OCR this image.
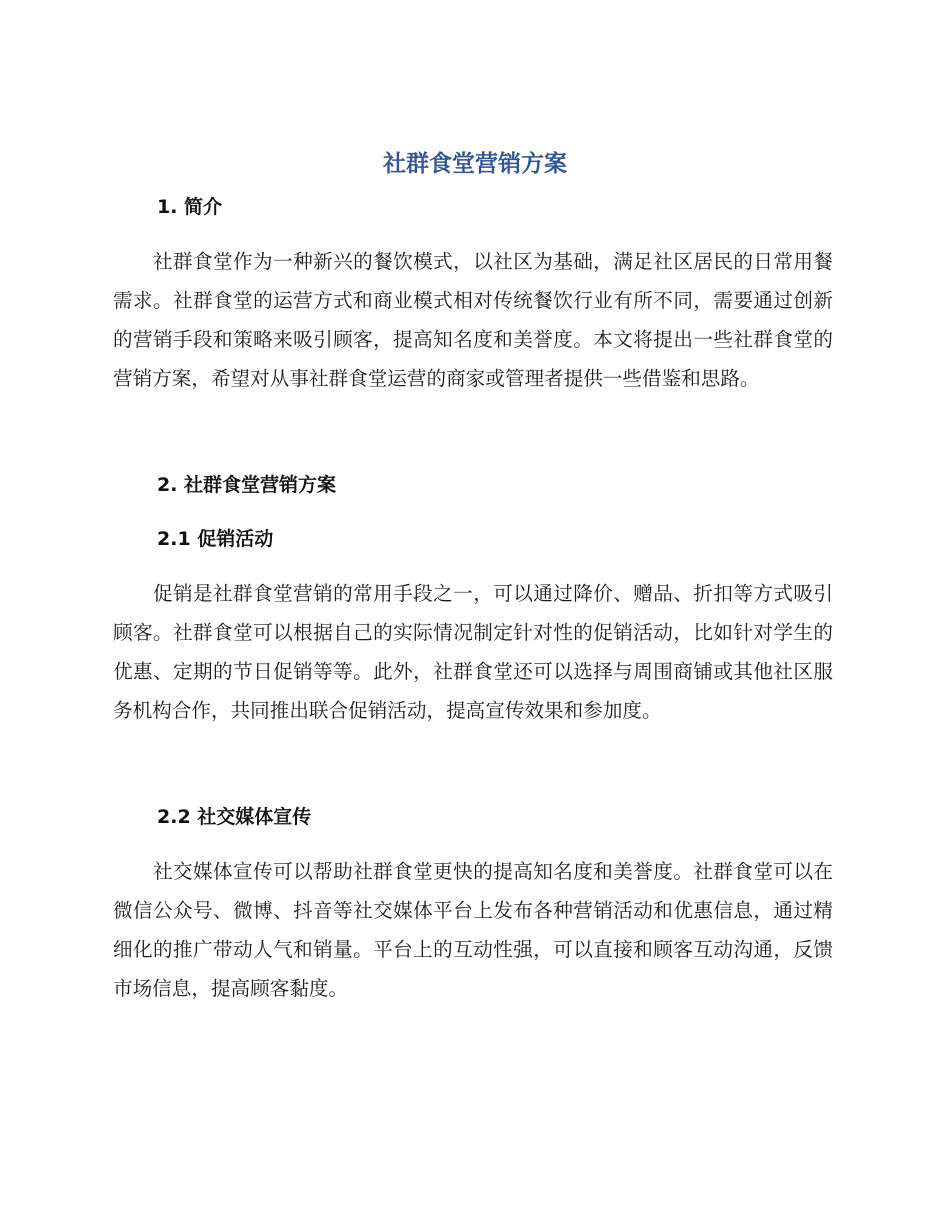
社群食堂营销方案
1. 简介

社群食堂作为一种新兴的餐饮模式，以社区为基础，满足社区居民的日常用餐需求。社群食堂的运营方式和商业模式相对传统餐饮行业有所不同，需要通过创新的营销手段和策略来吸引顾客，提高知名度和美誉度。本文将提出一些社群食堂的营销方案，希望对从事社群食堂运营的商家或管理者提供一些借鉴和思路。

2. 社群食堂营销方案
2.1 促销活动

促销是社群食堂营销的常用手段之一，可以通过降价、赠品、折扣等方式吸引顾客。社群食堂可以根据自己的实际情况制定针对性的促销活动，比如针对学生的优惠、定期的节日促销等等。此外，社群食堂还可以选择与周围商铺或其他社区服务机构合作，共同推出联合促销活动，提高宣传效果和参加度。

2.2 社交媒体宣传

社交媒体宣传可以帮助社群食堂更快的提高知名度和美誉度。社群食堂可以在微信公众号、微博、抖音等社交媒体平台上发布各种营销活动和优惠信息，通过精细化的推广带动人气和销量。平台上的互动性强，可以直接和顾客互动沟通，反馈市场信息，提高顾客黏度。
